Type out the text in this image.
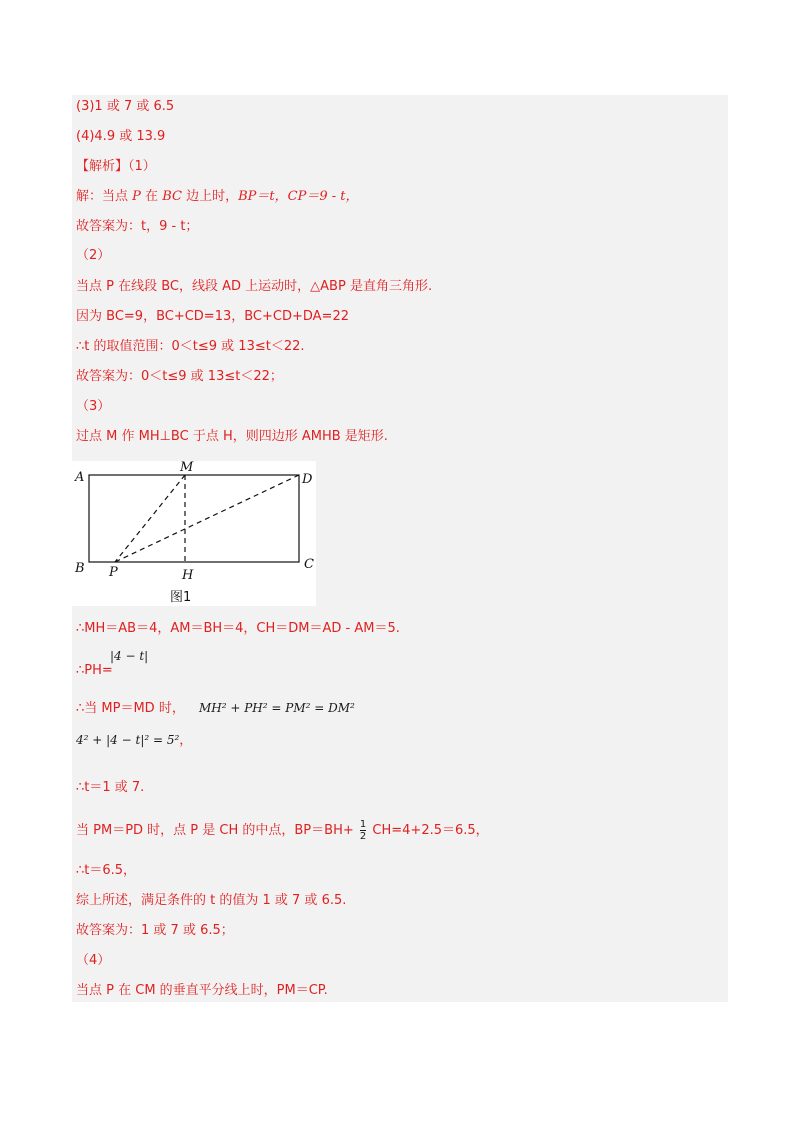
(3)1 或 7 或 6.5
(4)4.9 或 13.9
【解析】（1）
解：当点 P 在 BC 边上时，BP＝t，CP＝9 - t，
故答案为：t，9 - t；
（2）
当点 P 在线段 BC，线段 AD 上运动时，△ABP 是直角三角形.
因为 BC=9，BC+CD=13，BC+CD+DA=22
∴t 的取值范围：0＜t≤9 或 13≤t＜22.
故答案为：0＜t≤9 或 13≤t＜22；
（3）
过点 M 作 MH⊥BC 于点 H，则四边形 AMHB 是矩形.
A
B	C
D
M
P	H
图1
∴MH＝AB＝4，AM＝BH＝4，CH＝DM＝AD - AM＝5.
∴PH=
|4 − t|
∴当 MP＝MD 时， MH² + PH² = PM² = DM²
4² + |4 − t|² = 5²，
∴t＝1 或 7.
当 PM＝PD 时，点 P 是 CH 的中点，$BP=BH+ \frac{1}{2} CH=4+2.5=6.5$，
∴t＝6.5，
综上所述，满足条件的 t 的值为 1 或 7 或 6.5.
故答案为：1 或 7 或 6.5；
（4）
当点 P 在 CM 的垂直平分线上时，PM＝CP.
